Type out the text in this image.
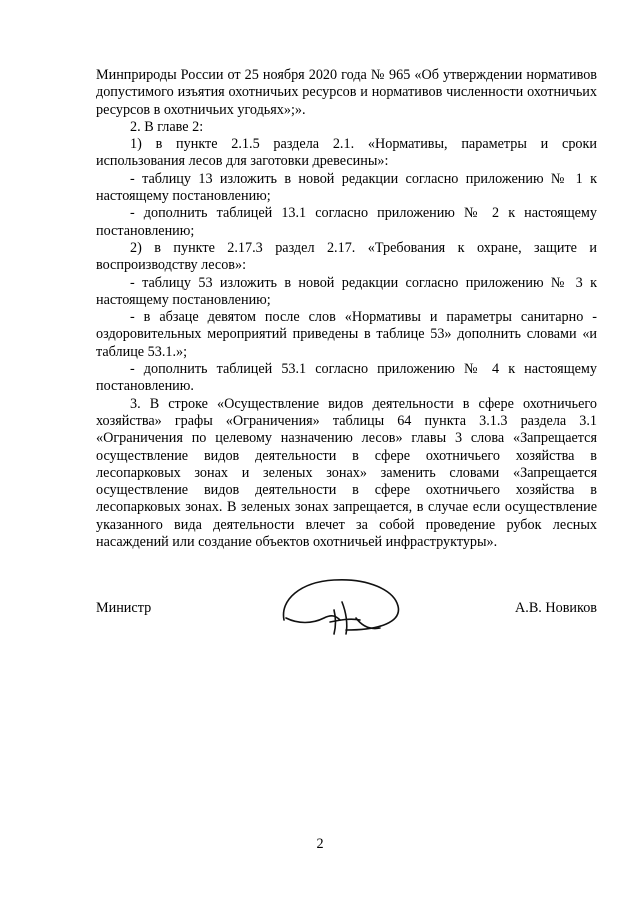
Минприроды России от 25 ноября 2020 года № 965 «Об утверждении нормативов допустимого изъятия охотничьих ресурсов и нормативов численности охотничьих ресурсов в охотничьих угодьях»;».

2. В главе 2:

1) в пункте 2.1.5 раздела 2.1. «Нормативы, параметры и сроки использования лесов для заготовки древесины»:

- таблицу 13 изложить в новой редакции согласно приложению № 1 к настоящему постановлению;

- дополнить таблицей 13.1 согласно приложению № 2 к настоящему постановлению;

2) в пункте 2.17.3 раздел 2.17. «Требования к охране, защите и воспроизводству лесов»:

- таблицу 53 изложить в новой редакции согласно приложению № 3 к настоящему постановлению;

- в абзаце девятом после слов «Нормативы и параметры санитарно - оздоровительных мероприятий приведены в таблице 53» дополнить словами «и таблице 53.1.»;

- дополнить таблицей 53.1 согласно приложению № 4 к настоящему постановлению.

3. В строке «Осуществление видов деятельности в сфере охотничьего хозяйства» графы «Ограничения» таблицы 64 пункта 3.1.3 раздела 3.1 «Ограничения по целевому назначению лесов» главы 3 слова «Запрещается осуществление видов деятельности в сфере охотничьего хозяйства в лесопарковых зонах и зеленых зонах» заменить словами «Запрещается осуществление видов деятельности в сфере охотничьего хозяйства в лесопарковых зонах. В зеленых зонах запрещается, в случае если осуществление указанного вида деятельности влечет за собой проведение рубок лесных насаждений или создание объектов охотничьей инфраструктуры».

Министр	А.В. Новиков
2
